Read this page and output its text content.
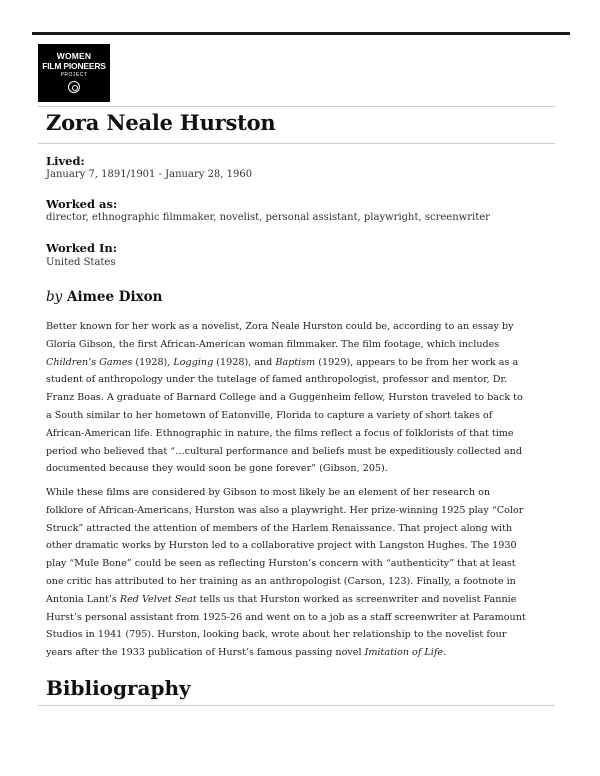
WOMEN
FILM PIONEERS
PROJECT
Zora Neale Hurston
Lived:
January 7, 1891/1901 - January 28, 1960
Worked as:
director, ethnographic filmmaker, novelist, personal assistant, playwright, screenwriter
Worked In:
United States
by Aimee Dixon
Better known for her work as a novelist, Zora Neale Hurston could be, according to an essay by
Gloria Gibson, the first African-American woman filmmaker. The film footage, which includes
Children’s Games (1928), Logging (1928), and Baptism (1929), appears to be from her work as a
student of anthropology under the tutelage of famed anthropologist, professor and mentor, Dr.
Franz Boas. A graduate of Barnard College and a Guggenheim fellow, Hurston traveled to back to
a South similar to her hometown of Eatonville, Florida to capture a variety of short takes of
African-American life. Ethnographic in nature, the films reflect a focus of folklorists of that time
period who believed that “…cultural performance and beliefs must be expeditiously collected and
documented because they would soon be gone forever” (Gibson, 205).
While these films are considered by Gibson to most likely be an element of her research on
folklore of African-Americans, Hurston was also a playwright. Her prize-winning 1925 play “Color
Struck” attracted the attention of members of the Harlem Renaissance. That project along with
other dramatic works by Hurston led to a collaborative project with Langston Hughes. The 1930
play “Mule Bone” could be seen as reflecting Hurston’s concern with “authenticity” that at least
one critic has attributed to her training as an anthropologist (Carson, 123). Finally, a footnote in
Antonia Lant’s Red Velvet Seat tells us that Hurston worked as screenwriter and novelist Fannie
Hurst’s personal assistant from 1925-26 and went on to a job as a staff screenwriter at Paramount
Studios in 1941 (795). Hurston, looking back, wrote about her relationship to the novelist four
years after the 1933 publication of Hurst’s famous passing novel Imitation of Life.
Bibliography
